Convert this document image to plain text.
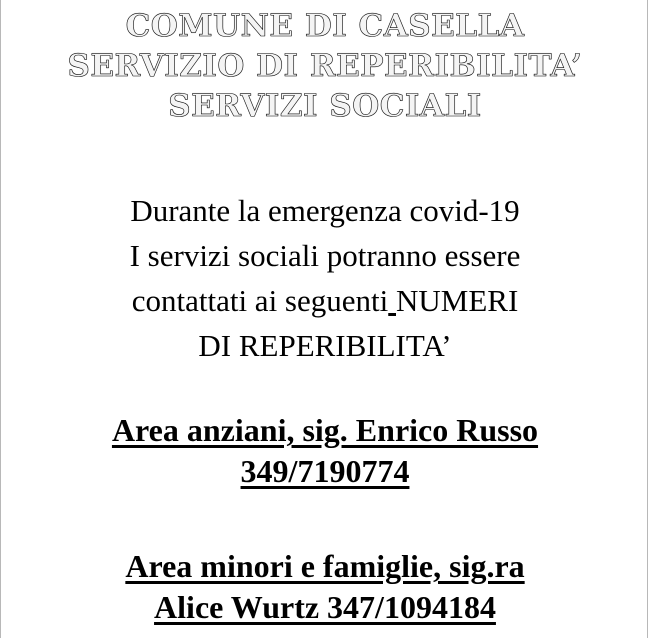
COMUNE DI CASELLA
SERVIZIO DI REPERIBILITA’
SERVIZI SOCIALI
Durante la emergenza covid-19
I servizi sociali potranno essere
contattati ai seguenti NUMERI
DI REPERIBILITA’
Area anziani, sig. Enrico Russo
349/7190774
Area minori e famiglie, sig.ra
Alice Wurtz 347/1094184
